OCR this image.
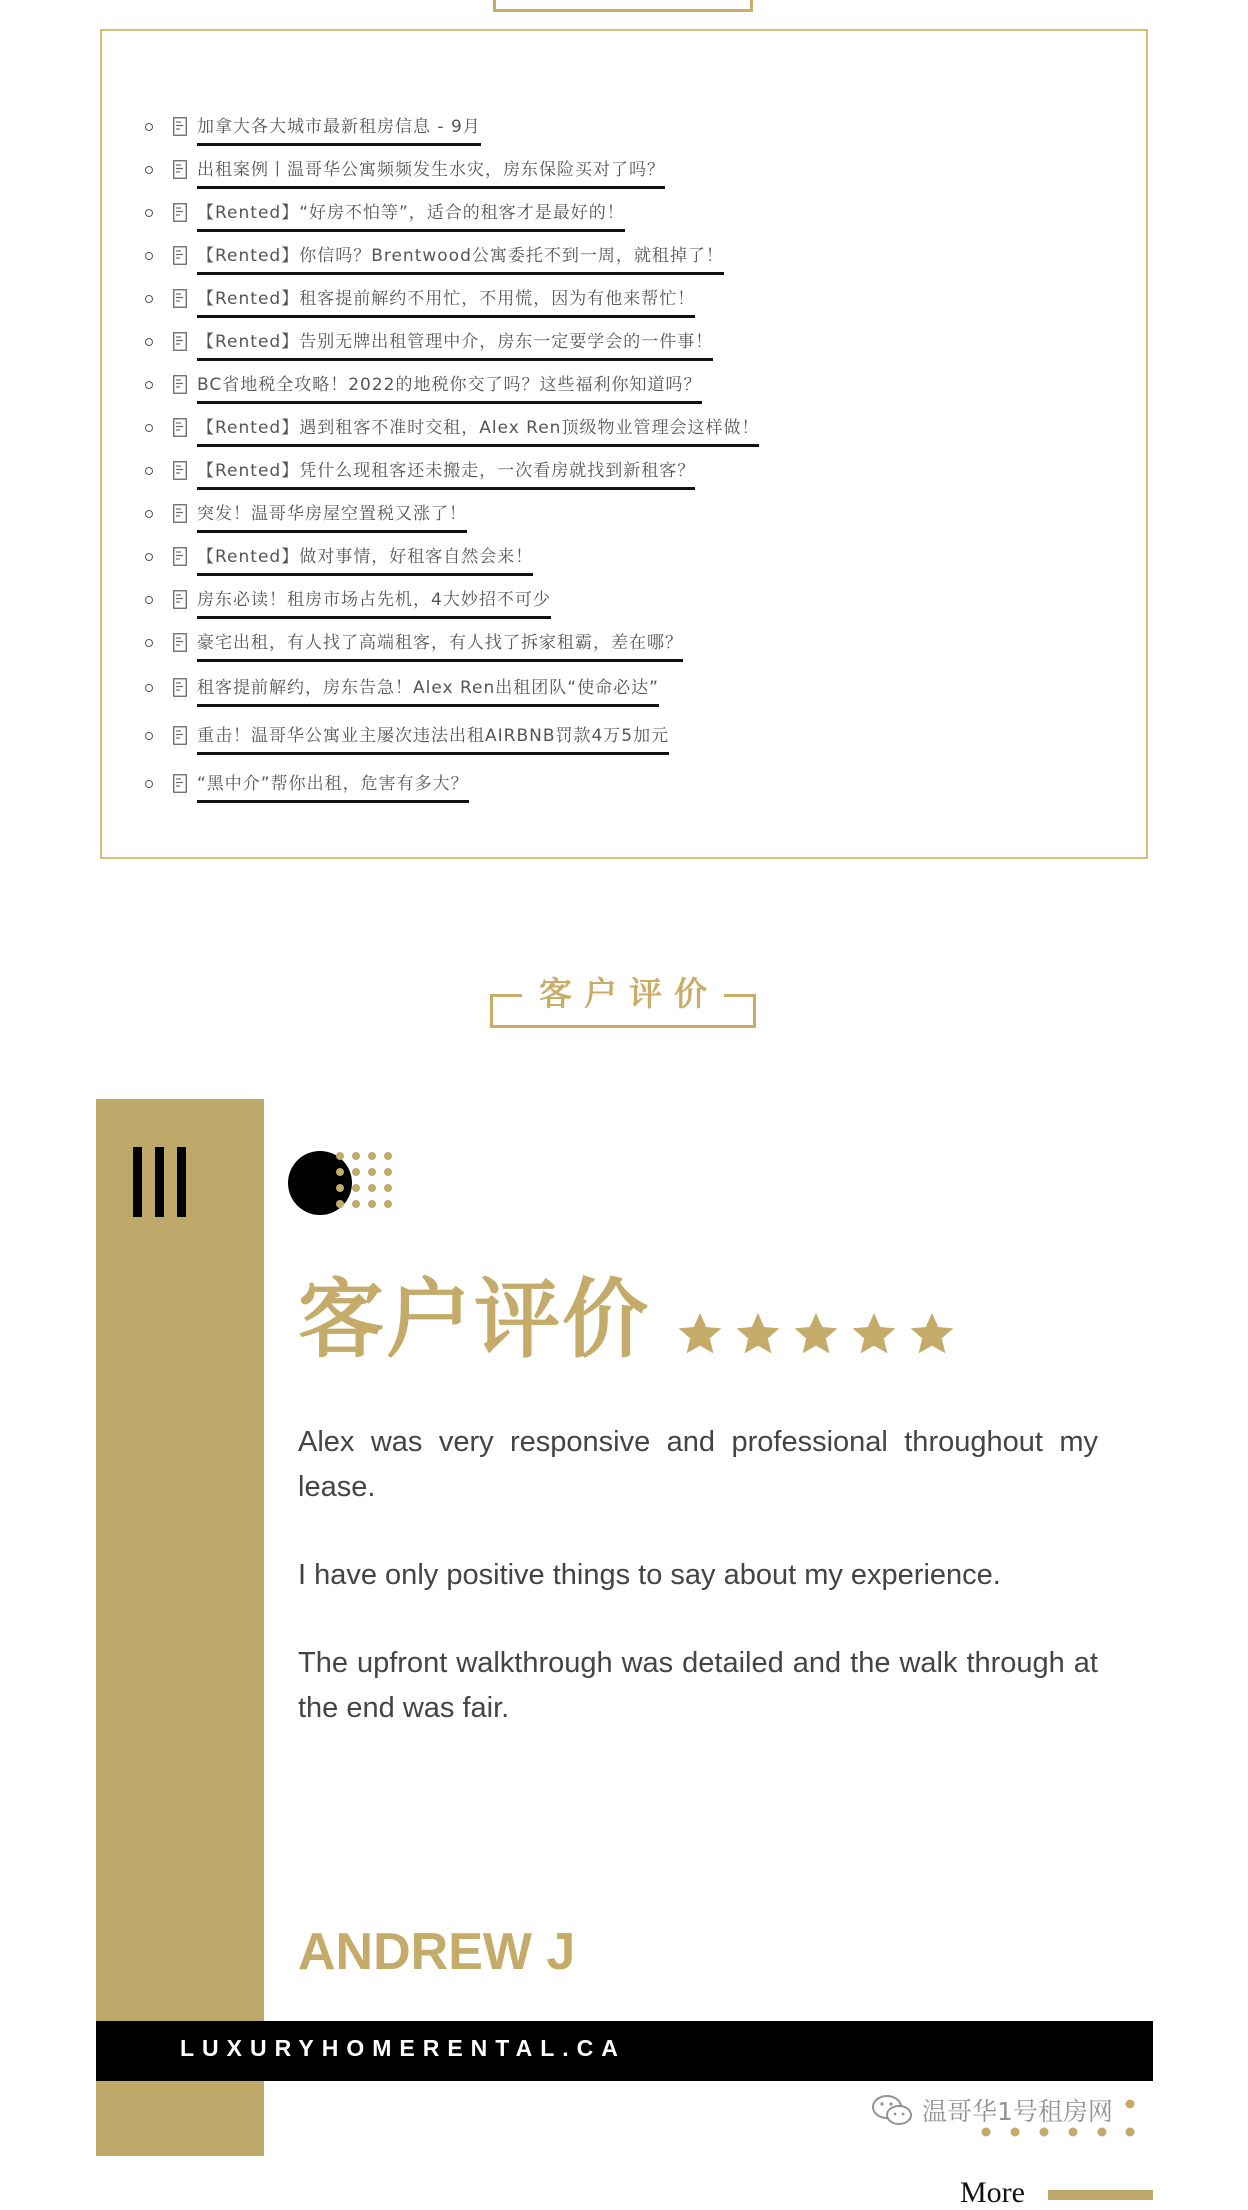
加拿大各大城市最新租房信息 - 9月
出租案例丨温哥华公寓频频发生水灾，房东保险买对了吗？
【Rented】“好房不怕等”，适合的租客才是最好的！
【Rented】你信吗？Brentwood公寓委托不到一周，就租掉了！
【Rented】租客提前解约不用忙，不用慌，因为有他来帮忙！
【Rented】告别无牌出租管理中介，房东一定要学会的一件事！
BC省地税全攻略！2022的地税你交了吗？这些福利你知道吗？
【Rented】遇到租客不准时交租，Alex Ren顶级物业管理会这样做！
【Rented】凭什么现租客还未搬走，一次看房就找到新租客？
突发！温哥华房屋空置税又涨了！
【Rented】做对事情，好租客自然会来！
房东必读！租房市场占先机，4大妙招不可少
豪宅出租，有人找了高端租客，有人找了拆家租霸，差在哪？
租客提前解约，房东告急！Alex Ren出租团队“使命必达”
重击！温哥华公寓业主屡次违法出租AIRBNB罚款4万5加元
“黑中介”帮你出租，危害有多大？
客户评价
客户评价

Alex was very responsive and professional throughout my lease.

I have only positive things to say about my experience.

The upfront walkthrough was detailed and the walk through at the end was fair.

ANDREW J
LUXURYHOMERENTAL.CA
温哥华1号租房网
More
